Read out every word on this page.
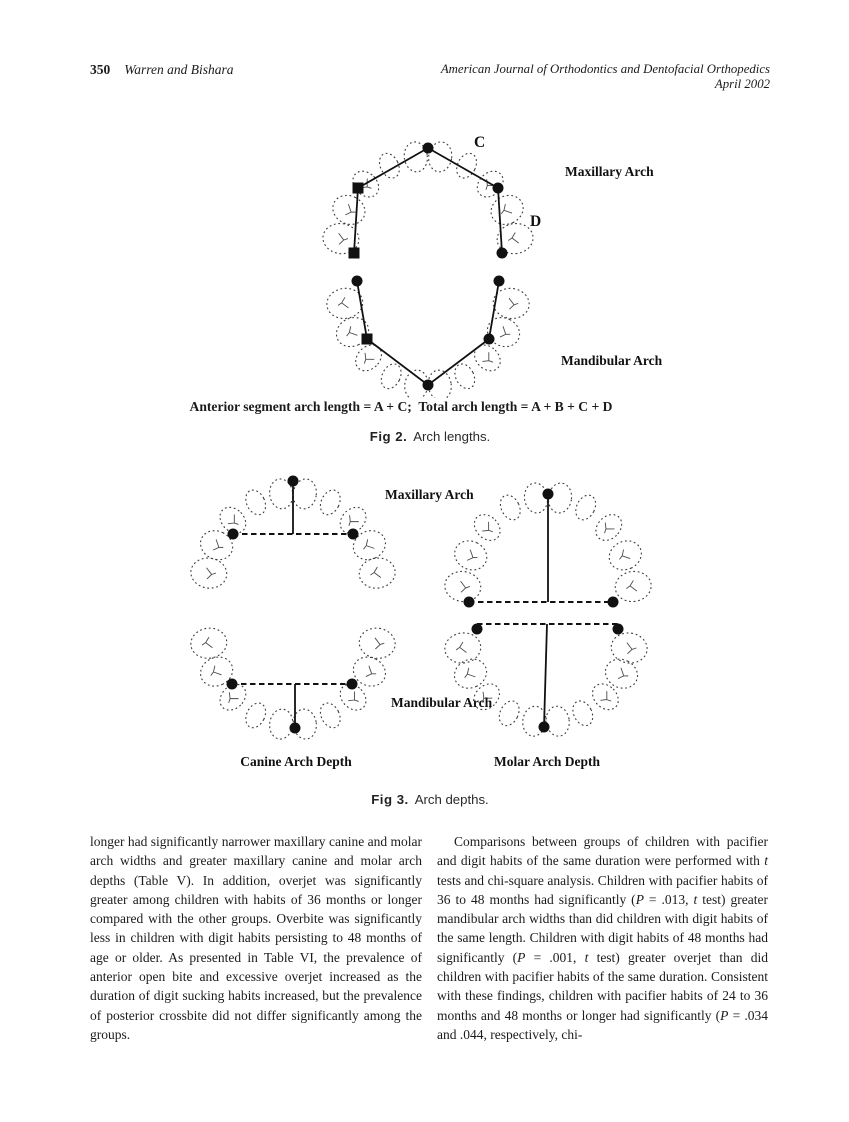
350 Warren and Bishara	American Journal of Orthodontics and Dentofacial Orthopedics
April 2002
C
D
Maxillary Arch
Mandibular Arch
Anterior segment arch length = A + C;  Total arch length = A + B + C + D
Fig 2. Arch lengths.
Maxillary Arch
Mandibular Arch
Canine Arch Depth	Molar Arch Depth
Fig 3. Arch depths.
longer had significantly narrower maxillary canine and molar arch widths and greater maxillary canine and molar arch depths (Table V). In addition, overjet was significantly greater among children with habits of 36 months or longer compared with the other groups. Overbite was significantly less in children with digit habits persisting to 48 months of age or older. As presented in Table VI, the prevalence of anterior open bite and excessive overjet increased as the duration of digit sucking habits increased, but the prevalence of posterior crossbite did not differ significantly among the groups.
Comparisons between groups of children with pacifier and digit habits of the same duration were performed with t tests and chi-square analysis. Children with pacifier habits of 36 to 48 months had significantly (P = .013, t test) greater mandibular arch widths than did children with digit habits of the same length. Children with digit habits of 48 months had significantly (P = .001, t test) greater overjet than did children with pacifier habits of the same duration. Consistent with these findings, children with pacifier habits of 24 to 36 months and 48 months or longer had significantly (P = .034 and .044, respectively, chi-
